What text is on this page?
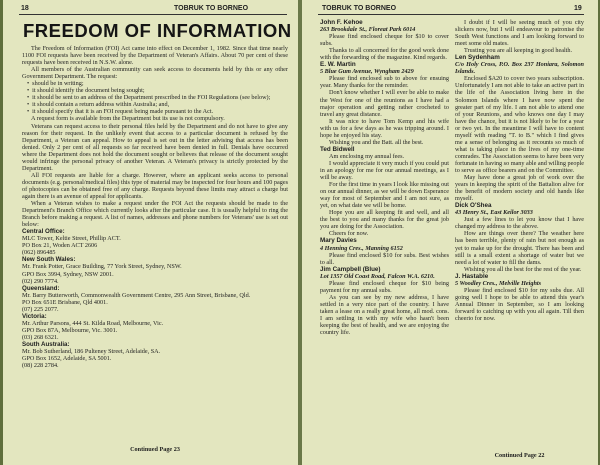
18	TOBRUK TO BORNEO
FREEDOM OF INFORMATION

The Freedom of Information (FOI) Act came into effect on December 1, 1982. Since that time nearly 1100 FOI requests have been received by the Department of Veteran's Affairs. About 70 per cent of these requests have been received in N.S.W. alone.

All members of the Australian community can seek access to documents held by this or any other Government Department. The request:

• should be in writing;
• it should identify the document being sought;
• it should be sent to an address of the Department prescribed in the FOI Regulations (see below);
• it should contain a return address within Australia; and,
• it should specify that it is an FOI request being made pursuant to the Act.

A request form is available from the Department but its use is not compulsory.

Veterans can request access to their personal files held by the Department and do not have to give any reason for their request. In the unlikely event that access to a particular document is refused by the Department, a Veteran can appeal. How to appeal is set out in the letter advising that access has been denied. Only 2 per cent of all requests so far received have been denied in full. Denials have occurred where the Department does not hold the document sought or believes that release of the document sought would infringe the personal privacy of another Veteran. A Veteran's privacy is strictly protected by the Department.

All FOI requests are liable for a charge. However, where an applicant seeks access to personal documents (e.g. personal/medical files) this type of material may be inspected for four hours and 100 pages of photocopies can be obtained free of any charge. Requests beyond these limits may attract a charge but again there is an avenue of appeal for applicants.

When a Veteran wishes to make a request under the FOI Act the requests should be made to the Department's Branch Office which currently looks after the particular case. It is usually helpful to ring the Branch before making a request. A list of names, addresses and phone numbers for Veterans' use is set out below:

Central Office:
MLC Tower, Keltie Street, Phillip ACT.
PO Box 21, Woden ACT 2606
(062) 896485
New South Wales:
Mr. Frank Potter, Grace Building, 77 York Street, Sydney, NSW.
GPO Box 3994, Sydney, NSW 2001.
(02) 290 7774.
Queensland:
Mr. Barry Butterworth, Commonwealth Government Centre, 295 Ann Street, Brisbane, Qld.
PO Box 651E Brisbane, Qld 4001.
(07) 225 2077.
Victoria:
Mr. Arthur Parsons, 444 St. Kilda Road, Melbourne, Vic.
GPO Box 87A, Melbourne, Vic. 3001.
(03) 268 6321.
South Australia:
Mr. Bob Sutherland, 186 Pulteney Street, Adelaide, SA.
GPO Box 1652, Adelaide, SA 5001.
(08) 228 2784.

Continued Page 23

TOBRUK TO BORNEO	19

John F. Kehoe

263 Brookdale St., Floreat Park 6014

Please find enclosed cheque for $10 to cover subs.

Thanks to all concerned for the good work done with the forwarding of the magazine. Kind regards.

E. W. Martin

5 Blue Gum Avenue, Wyngham 2429

Please find enclosed sub to above for ensuing year. Many thanks for the reminder.

Don't know whether I will ever be able to make the West for one of the reunions as I have had a major operation and getting rather crocheted to travel any great distance.

It was nice to have Tom Kemp and his wife with us for a few days as he was tripping around. I hope he enjoyed his stay.

Wishing you and the Batt. all the best.

Ted Bidwell

Am enclosing my annual fees.

I would appreciate it very much if you could put in an apology for me for our annual meetings, as I will be away.

For the first time in years I look like missing out on our annual dinner, as we will be down Esperance way for most of September and I am not sure, as yet, on what date we will be home.

Hope you are all keeping fit and well, and all the best to you and many thanks for the great job you are doing for the Association.

Cheers for now.

Mary Davies

4 Henning Cres., Manning 6152

Please find enclosed $10 for subs. Best wishes to all.

Jim Campbell (Blue)

Lot 1357 Old Coast Road, Falcon W.A. 6210.

Please find enclosed cheque for $10 being payment for my annual subs.

As you can see by my new address, I have settled in a very nice part of the country. I have taken a lease on a really great home, all mod. cons. I am settling in with my wife who hasn't been keeping the best of health, and we are enjoying the country life.

I doubt if I will be seeing much of you city slickers now, but I will endeavour to patronise the South West functions and I am looking forward to meet some old mates.

Trusting you are all keeping in good health.

Len Sydenham

C/o Holy Cross, P.O. Box 237 Honiara, Solomon Islands.

Enclosed $A20 to cover two years subscription. Unfortunately I am not able to take an active part in the life of the Association living here in the Solomon Islands where I have now spent the greater part of my life. I am not able to attend one of your Reunions, and who knows one day I may have the chance, but it is not likely to be for a year or two yet. In the meantime I will have to content myself with reading "T. to B." which I find gives me a sense of belonging as it recounts so much of what is taking place in the lives of my one-time comrades. The Association seems to have been very fortunate in having so many able and willing people to serve as office bearers and on the Committee.

May have done a great job of work over the years in keeping the spirit of the Battalion alive for the benefit of modern society and old hands like myself.

Dick O'Shea

43 Henry St., East Keilor 3033

Just a few lines to let you know that I have changed my address to the above.

How are things over there? The weather here has been terrible, plenty of rain but not enough as yet to make up for the drought. There has been and still is a small extent a shortage of water but we need a lot of water to fill the dams.

Wishing you all the best for the rest of the year.

J. Hastable

5 Woodley Cres., Melville Heights

Please find enclosed $10 for my subs due. All going well I hope to be able to attend this year's Annual Dinner in September, so I am looking forward to catching up with you all again. Till then cheerio for now.

Continued Page 22
